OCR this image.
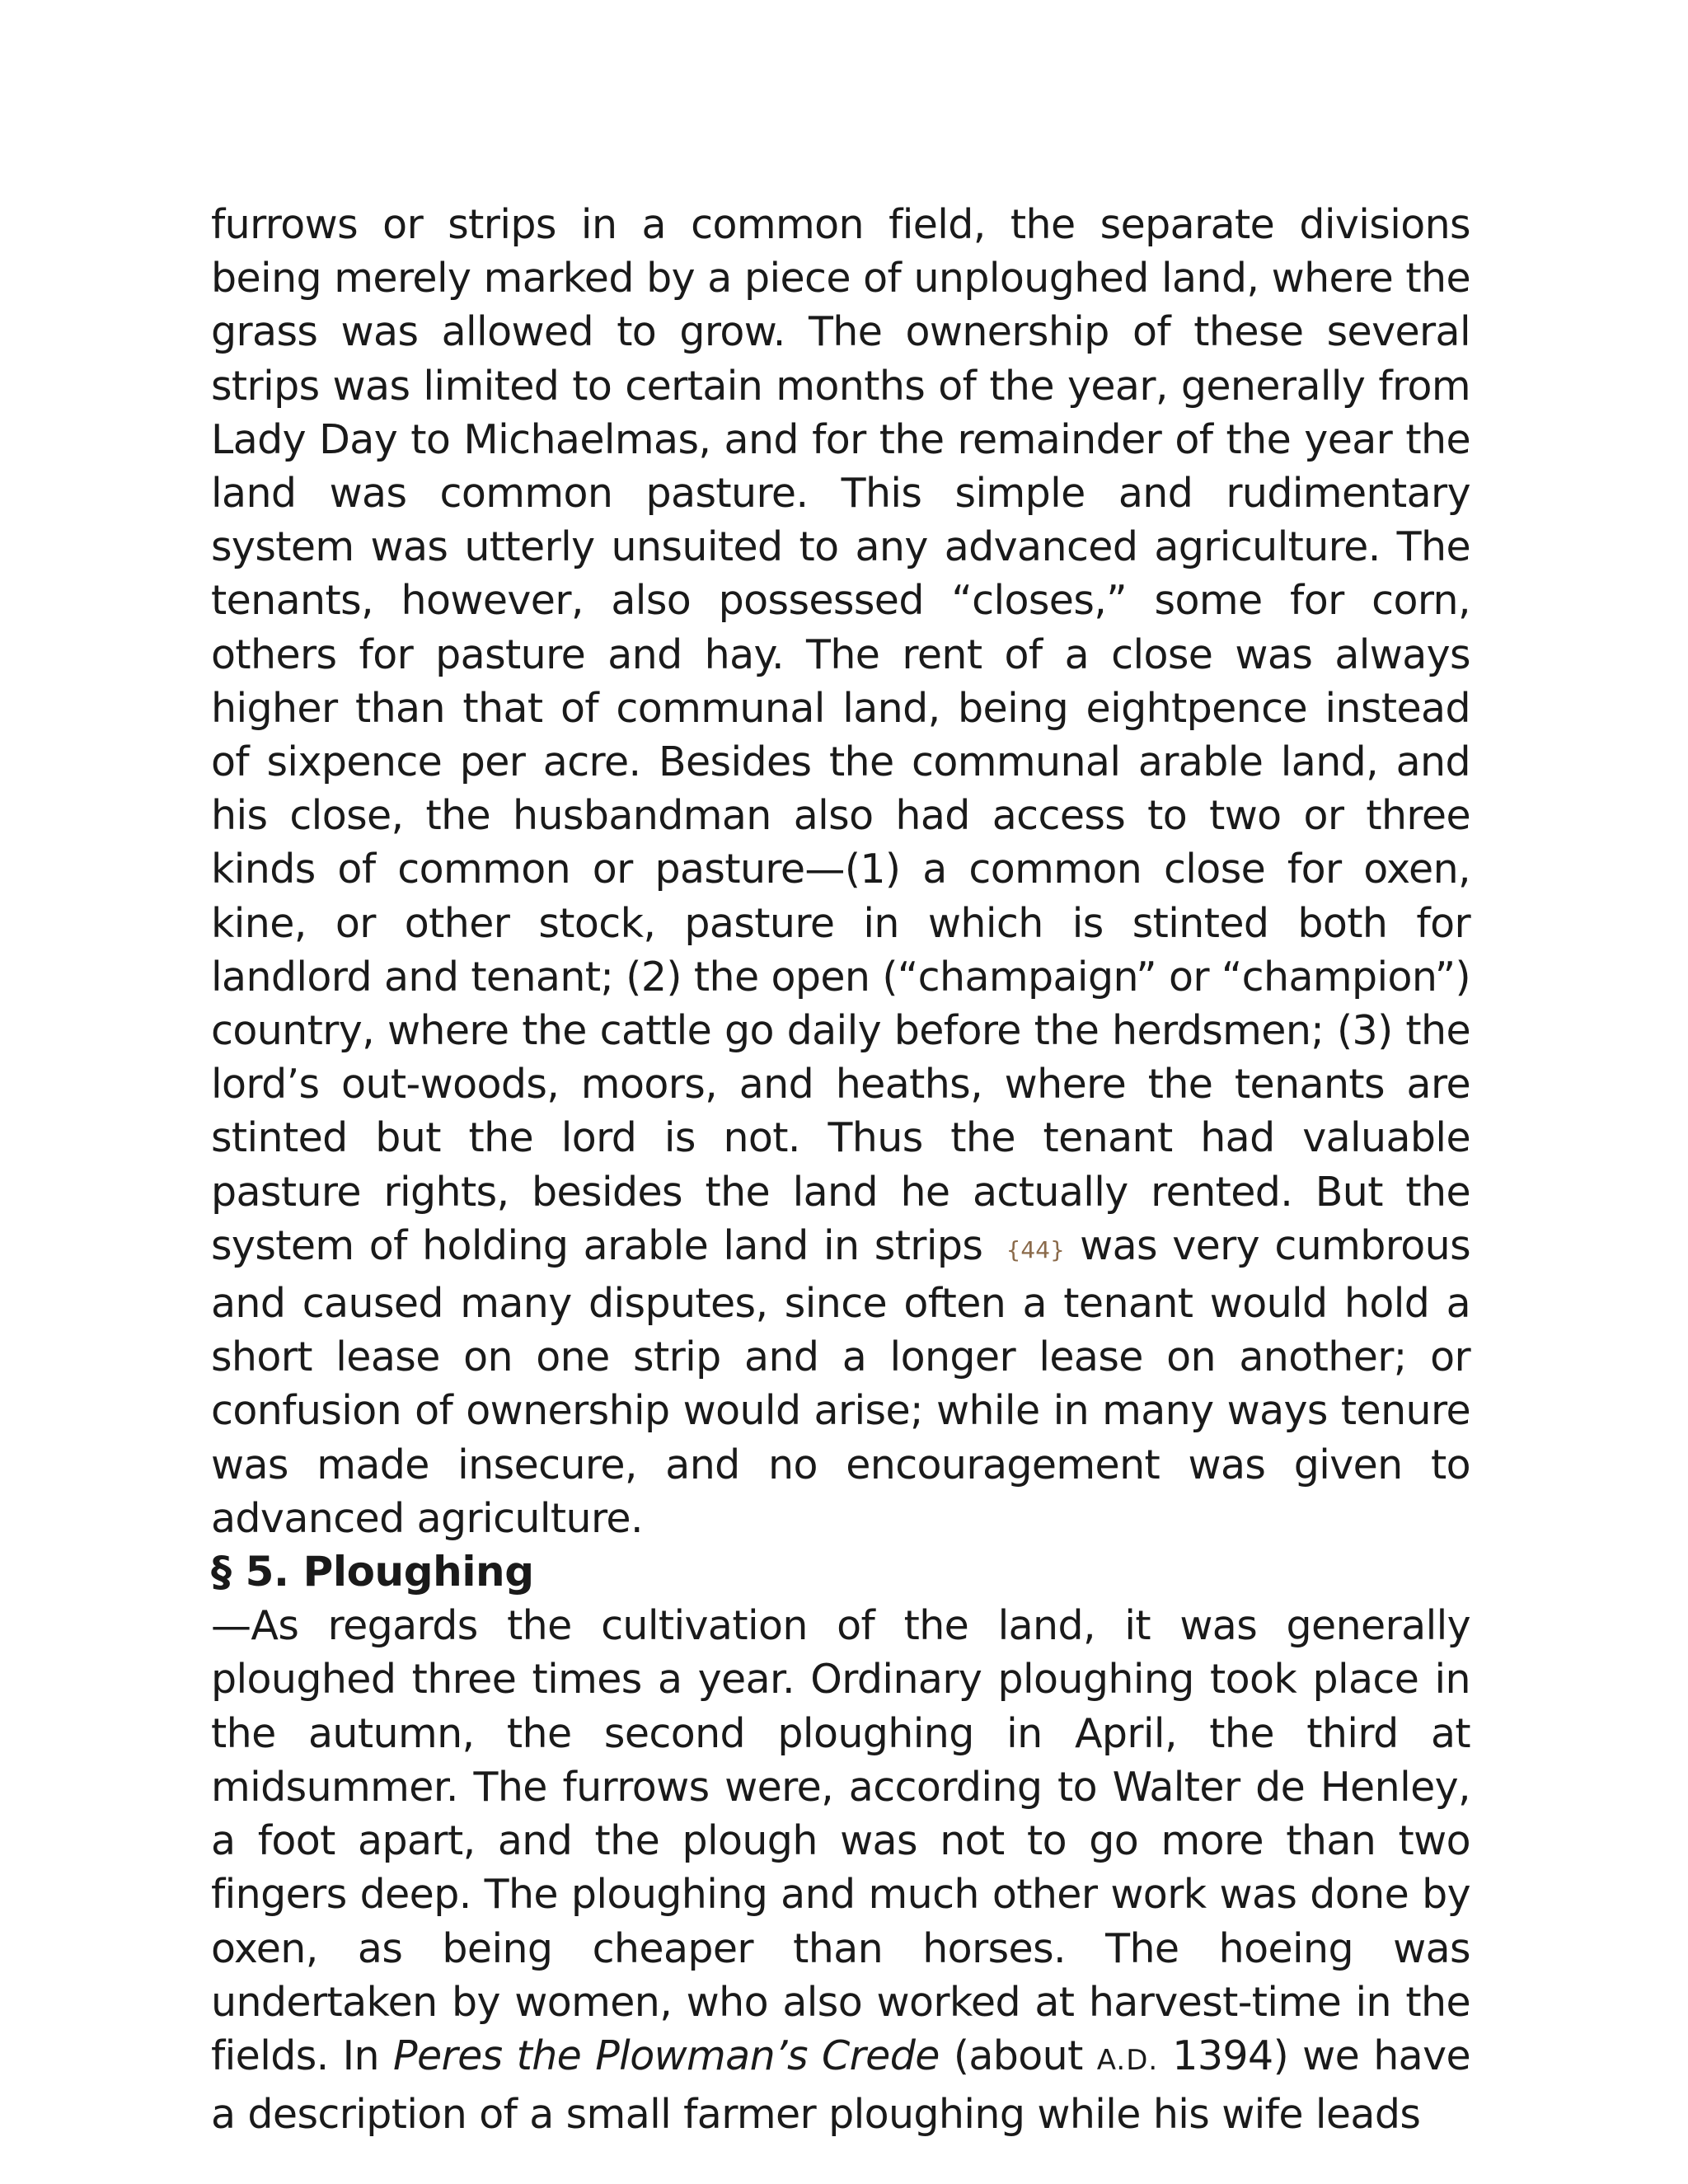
furrows or strips in a common field, the separate divisions being merely marked by a piece of unploughed land, where the grass was allowed to grow. The ownership of these several strips was limited to certain months of the year, generally from Lady Day to Michaelmas, and for the remainder of the year the land was common pasture. This simple and rudimentary system was utterly unsuited to any advanced agriculture. The tenants, however, also possessed “closes,” some for corn, others for pasture and hay. The rent of a close was always higher than that of communal land, being eightpence instead of sixpence per acre. Besides the communal arable land, and his close, the husbandman also had access to two or three kinds of common or pasture—(1) a common close for oxen, kine, or other stock, pasture in which is stinted both for landlord and tenant; (2) the open (“champaign” or “champion”) country, where the cattle go daily before the herdsmen; (3) the lord’s out-woods, moors, and heaths, where the tenants are stinted but the lord is not. Thus the tenant had valuable pasture rights, besides the land he actually rented. But the system of holding arable land in strips {44} was very cumbrous and caused many disputes, since often a tenant would hold a short lease on one strip and a longer lease on another; or confusion of ownership would arise; while in many ways tenure was made insecure, and no encouragement was given to advanced agriculture.

§ 5. Ploughing

—As regards the cultivation of the land, it was generally ploughed three times a year. Ordinary ploughing took place in the autumn, the second ploughing in April, the third at midsummer. The furrows were, according to Walter de Henley, a foot apart, and the plough was not to go more than two fingers deep. The ploughing and much other work was done by oxen, as being cheaper than horses. The hoeing was undertaken by women, who also worked at harvest-time in the fields. In Peres the Plowman’s Crede (about A.D. 1394) we have a description of a small farmer ploughing while his wife leads
